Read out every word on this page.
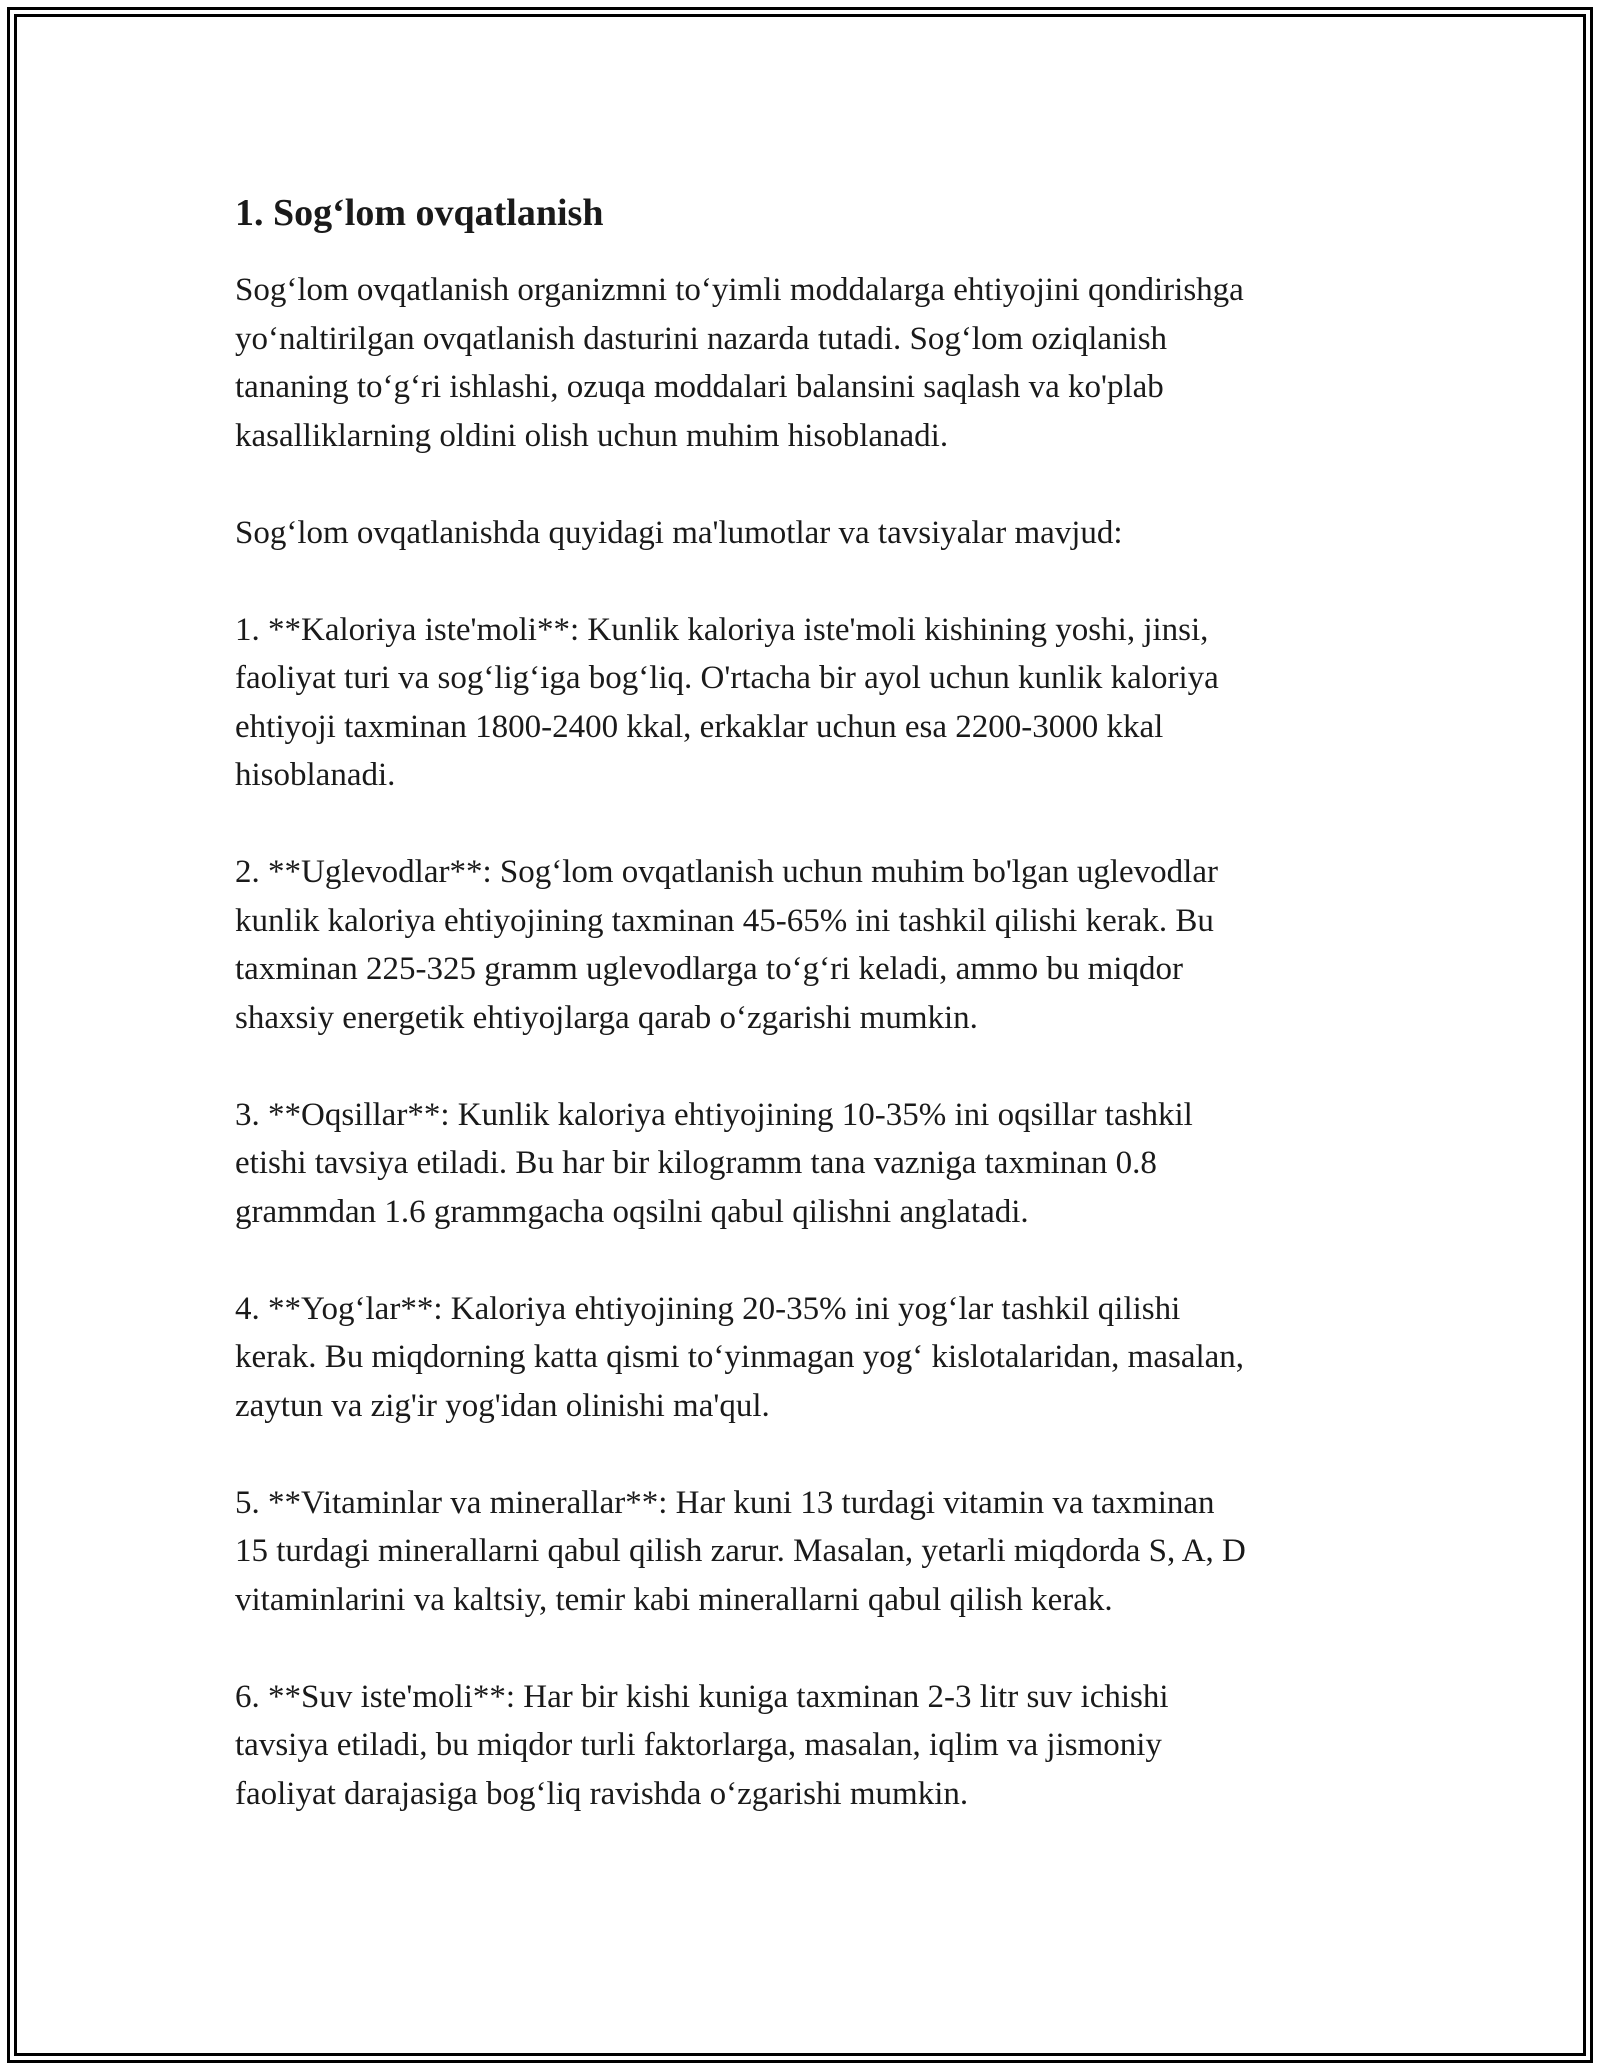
1. Sog‘lom ovqatlanish

Sog‘lom ovqatlanish organizmni to‘yimli moddalarga ehtiyojini qondirishga
yo‘naltirilgan ovqatlanish dasturini nazarda tutadi. Sog‘lom oziqlanish
tananing to‘g‘ri ishlashi, ozuqa moddalari balansini saqlash va ko'plab
kasalliklarning oldini olish uchun muhim hisoblanadi.

Sog‘lom ovqatlanishda quyidagi ma'lumotlar va tavsiyalar mavjud:

1. **Kaloriya iste'moli**: Kunlik kaloriya iste'moli kishining yoshi, jinsi,
faoliyat turi va sog‘lig‘iga bog‘liq. O'rtacha bir ayol uchun kunlik kaloriya
ehtiyoji taxminan 1800-2400 kkal, erkaklar uchun esa 2200-3000 kkal
hisoblanadi.

2. **Uglevodlar**: Sog‘lom ovqatlanish uchun muhim bo'lgan uglevodlar
kunlik kaloriya ehtiyojining taxminan 45-65% ini tashkil qilishi kerak. Bu
taxminan 225-325 gramm uglevodlarga to‘g‘ri keladi, ammo bu miqdor
shaxsiy energetik ehtiyojlarga qarab o‘zgarishi mumkin.

3. **Oqsillar**: Kunlik kaloriya ehtiyojining 10-35% ini oqsillar tashkil
etishi tavsiya etiladi. Bu har bir kilogramm tana vazniga taxminan 0.8
grammdan 1.6 grammgacha oqsilni qabul qilishni anglatadi.

4. **Yog‘lar**: Kaloriya ehtiyojining 20-35% ini yog‘lar tashkil qilishi
kerak. Bu miqdorning katta qismi to‘yinmagan yog‘ kislotalaridan, masalan,
zaytun va zig'ir yog'idan olinishi ma'qul.

5. **Vitaminlar va minerallar**: Har kuni 13 turdagi vitamin va taxminan
15 turdagi minerallarni qabul qilish zarur. Masalan, yetarli miqdorda S, A, D
vitaminlarini va kaltsiy, temir kabi minerallarni qabul qilish kerak.

6. **Suv iste'moli**: Har bir kishi kuniga taxminan 2-3 litr suv ichishi
tavsiya etiladi, bu miqdor turli faktorlarga, masalan, iqlim va jismoniy
faoliyat darajasiga bog‘liq ravishda o‘zgarishi mumkin.
